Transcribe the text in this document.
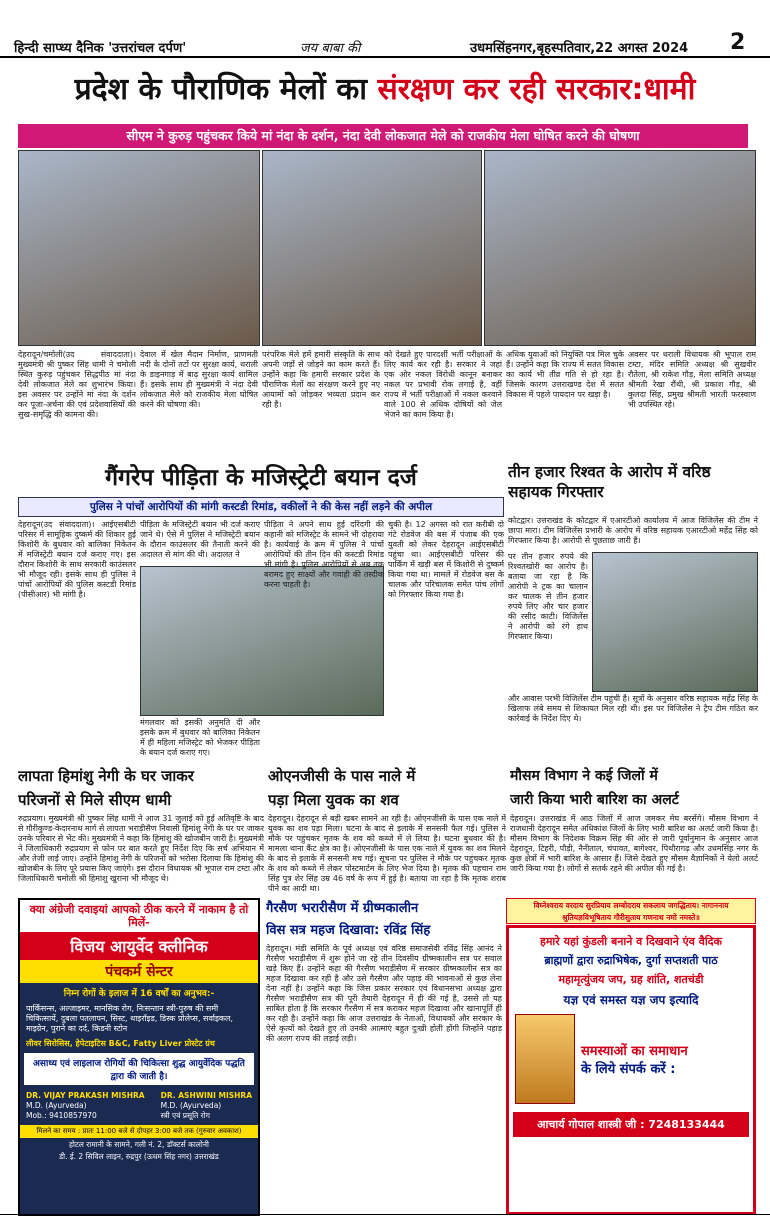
हिन्दी साप्ध्य दैनिक 'उत्तरांचल दर्पण'	जय बाबा की	उधमसिंहनगर,बृहस्पतिवार,22 अगस्त 2024 2
प्रदेश के पौराणिक मेलों का संरक्षण कर रही सरकार:धामी
सीएम ने कुरुड़ पहुंचकर किये मां नंदा के दर्शन, नंदा देवी लोकजात मेले को राजकीय मेला घोषित करने की घोषणा
देहरादून/चमोली(उद संवाददाता)। मुख्यमंत्री श्री पुष्कर सिंह धामी ने चमोली स्थित कुरुड़ पहुंचकर सिद्धपीठ मां नंदा देवी लोकजात मेले का शुभारंभ किया। इस अवसर पर उन्होंने मां नंदा के दर्शन कर पूजा-अर्चना की एवं प्रदेशवासियों की सुख-समृद्धि की कामना की।
देवाल में खेल मैदान निर्माण, प्राणमती नदी के दोनों तटों पर सुरक्षा कार्य, थराली के डाइनगाड़ में बाढ़ सुरक्षा कार्य शामिल हैं। इसके साथ ही मुख्यमंत्री ने नंदा देवी लोकजात मेले को राजकीय मेला घोषित करने की घोषणा की।
परंपरिक मेले हमें हमारी संस्कृति के साथ अपनी जड़ों से जोड़ने का काम करते हैं। उन्होंने कहा कि हमारी सरकार प्रदेश के पौराणिक मेलों का संरक्षण करने हुए नए आयामों को जोड़कर भव्यता प्रदान कर रही है।
को देखते हुए पारदर्शी भर्ती परीक्षाओं के लिए कार्य कर रही है। सरकार ने जहां एक ओर नकल विरोधी कानून बनाकर नकल पर प्रभावी रोक लगाई है, वहीं राज्य में भर्ती परीक्षाओं में नकल करवाने वाले 100 से अधिक दोषियों को जेल भेजने का काम किया है।
अधिक युवाओं को नियुक्ति पत्र मिल चुके हैं। उन्होंने कहा कि राज्य में सतत विकास का कार्य भी तीव्र गति से हो रहा है। जिसके कारण उत्तराखण्ड देश में सतत विकास में पहले पायदान पर खड़ा है।
अवसर पर थराली विधायक श्री भूपाल राम टम्टा, मंदिर समिति अध्यक्ष श्री सुखवीर रौतेला, श्री राकेश गौड़, मेला समिति अध्यक्ष श्रीमती रेखा रौंथी, श्री प्रकाश गौड़, श्री कुलदा सिंह, प्रमुख श्रीमती भारती फरस्वाण भी उपस्थित रहे।
गैंगरेप पीड़िता के मजिस्ट्रेटी बयान दर्ज
पुलिस ने पांचों आरोपियों की मांगी कस्टडी रिमांड, वकीलों ने की केस नहीं लड़ने की अपील
देहरादून(उद संवाददाता)। आईएसबीटी परिसर में सामूहिक दुष्कर्म की शिकार हुई किशोरी के बुधवार को बालिका निकेतन में मजिस्ट्रेटी बयान दर्ज कराए गए। इस दौरान किशोरी के साथ सरकारी काउंसलर भी मौजूद रही। इसके साथ ही पुलिस ने पांचों आरोपियों की पुलिस कस्टडी रिमांड (पीसीआर) भी मांगी है।
पीड़िता के मजिस्ट्रेटी बयान भी दर्ज कराए जाने थे। ऐसे में पुलिस ने मजिस्ट्रेटी बयान के दौरान काउंसलर की तैनाती करने की अदालत से मांग की थी। अदालत ने
मंगलवार को इसकी अनुमति दी और इसके क्रम में बुधवार को बालिका निकेतन में ही महिला मजिस्ट्रेट को भेजकर पीड़िता के बयान दर्ज कराए गए।
पीड़िता ने अपने साथ हुई दरिंदगी की कहानी को मजिस्ट्रेट के सामने भी दोहराया है। कार्यवाई के क्रम में पुलिस ने पांचों आरोपियों की तीन दिन की कस्टडी रिमांड भी मांगी है। पुलिस आरोपियों से अब तक बरामद हुए साक्ष्यों और गवाही की तस्दीक करना चाहती है।
चुकी है। 12 अगस्त को रात करीबी दो गंटे रोडवेज की बस में पंजाब की एक युवती को लेकर देहरादून आईएसबीटी पहुंचा था। आईएसबीटी परिसर की पार्किंग में खड़ी बस में किशोरी से दुष्कर्म किया गया था। मामले में रोडवेज बस के चालक और परिचालक समेत पांच लोगों को गिरफ्तार किया गया है।
तीन हजार रिश्वत के आरोप में वरिष्ठ सहायक गिरफ्तार
कोटद्वार। उत्तराखंड के कोटद्वार में एआरटीओ कार्यालय में आज विजिलेंस की टीम ने छापा मारा। टीम विजिलेंस प्रभारी के आरोप में वरिष्ठ सहायक एआरटीओ महेंद्र सिंह को गिरफ्तार किया है। आरोपी से पूछताछ जारी है।
पर तीन हजार रुपये की रिश्वतखोरी का आरोप है। बताया जा रहा है कि आरोपी ने ट्रक का चालान कर चालक से तीन हजार रुपये लिए और चार हजार की रसीद काटी। विजिलेंस ने आरोपी को रंगे हाथ गिरफ्तार किया।
और आवास परभी विजिलेंस टीम पहुंची है। सूत्रों के अनुसार वरिष्ठ सहायक महेंद्र सिंह के खिलाफ लंबे समय से शिकायत मिल रही थी। इस पर विजिलेंस ने ट्रैप टीम गठित कर कार्रवाई के निर्देश दिए थे।
लापता हिमांशु नेगी के घर जाकर
परिजनों से मिले सीएम धामी
रुद्रप्रयाग। मुख्यमंत्री श्री पुष्कर सिंह धामी ने आज 31 जुलाई को हुई अतिवृष्टि के बाद से गौरीकुण्ड-केदारनाथ मार्ग से लापता भराड़ीसैण निवासी हिमांशु नेगी के घर पर जाकर उनके परिवार से भेंट की। मुख्यमंत्री ने कहा कि हिमांशु की खोजबीन जारी है। मुख्यमंत्री ने जिलाधिकारी रुद्रप्रयाग से फोन पर बात करते हुए निर्देश दिए कि सर्च अभियान में और तेजी लाई जाए। उन्होंने हिमांशु नेगी के परिजनों को भरोसा दिलाया कि हिमांशु की खोजबीन के लिए पूरे प्रयास किए जाएंगे। इस दौरान विधायक श्री भूपाल राम टम्टा और जिलाधिकारी चमोली श्री हिमांशु खुराना भी मौजूद थे।
ओएनजीसी के पास नाले में
पड़ा मिला युवक का शव
देहरादून। देहरादून से बड़ी खबर सामने आ रही है। ओएनजीसी के पास एक नाले में युवक का शव पड़ा मिला। घटना के बाद से इलाके में सनसनी फैल गई। पुलिस ने मौके पर पहुंचकर मृतक के शव को कब्जे में ले लिया है। घटना बुधवार की है। मामला थाना कैंट क्षेत्र का है। ओएनजीसी के पास एक नाले में युवक का शव मिलने के बाद से इलाके में सनसनी मच गई। सूचना पर पुलिस ने मौके पर पहुंचकर मृतक के शव को कब्जे में लेकर पोस्टमार्टम के लिए भेज दिया है। मृतक की पहचान राम सिंह पुत्र शेर सिंह उम्र 46 वर्ष के रूप में हुई है। बताया जा रहा है कि मृतक शराब पीने का आदी था।
मौसम विभाग ने कई जिलों में
जारी किया भारी बारिश का अलर्ट
देहरादून। उत्तराखंड में आठ जिलों में आज जमकर मेघ बरसेंगे। मौसम विभाग ने राजधानी देहरादून समेत अधिकांश जिलों के लिए भारी बारिश का अलर्ट जारी किया है। मौसम विभाग के निदेशक विक्रम सिंह की ओर से जारी पूर्वानुमान के अनुसार आज देहरादून, टिहरी, पौड़ी, नैनीताल, चंपावत, बागेश्वर, पिथौरागढ़ और उधमसिंह नगर के कुछ क्षेत्रों में भारी बारिश के आसार हैं। जिसे देखते हुए मौसम वैज्ञानिकों ने येलो अलर्ट जारी किया गया है। लोगों से सतर्क रहने की अपील की गई है।
गैरसैण भरारीसैण में ग्रीष्मकालीन
विस सत्र महज दिखावा: रविंद्र सिंह
देहरादून। मंडी समिति के पूर्व अध्यक्ष एवं वरिष्ठ समाजसेवी रविंद्र सिंह आनंद ने गैरसैण भराड़ीसैण में शुरू होने जा रहे तीन दिवसीय ग्रीष्मकालीन सत्र पर सवाल खड़े किए हैं। उन्होंने कहा की गैरसैण भराड़ीसैण में सरकार ग्रीष्मकालीन सत्र का महज दिखावा कर रही है और उसे गैरसैण और पहाड़ की भावनाओं से कुछ लेना देना नहीं है। उन्होंने कहा कि जिस प्रकार सरकार एवं विधानसभा अध्यक्ष द्वारा गैरसैण भराड़ीसैण सत्र की पूरी तैयारी देहरादून में ही की गई है, उससे तो यह साबित होता है कि सरकार गैरसैण में सत्र कराकर महज दिखावा और खानापूर्ति ही कर रही है। उन्होंने कहा कि आज उत्तराखंड के नेताओं, विधायकों और सरकार के ऐसे कृत्यों को देखते हुए तो उनकी आत्माएं बहुत दुःखी होती होंगी जिन्होंने पहाड़ की अलग राज्य की लड़ाई लड़ी।
क्या अंग्रेजी दवाइयां आपको ठीक करने में नाकाम है तो मिलें-
विजय आयुर्वेद क्लीनिक
पंचकर्म सेन्टर
निम्न रोगों के इलाज में 16 वर्षों का अनुभव:-
पार्किंसन्स, अल्जाइमर, मानसिक रोग, निःसन्तान स्त्री-पुरुष की समी चिकित्सायें, दुबला पतलापन, सिस्ट, थाइरॉइड, डिस्क प्रोलेप्स, सर्वाइकल, माइग्रेन, पुराने का दर्द, किडनी स्टोन
लीवर सिरोसिस, हेपेटाइटिस B&C, Fatty Liver प्रोस्टेट ग्रंथ
असाध्य एवं लाइलाज रोगियों की चिकित्सा शुद्ध आयुर्वेदिक पद्धति द्वारा की जाती है।
DR. VIJAY PRAKASH MISHRA
M.D. (Ayurveda)
Mob.: 9410857970
DR. ASHWINI MISHRA
M.D. (Ayurveda)
स्त्री एवं प्रसूति रोग
मिलने का समय : प्रातः 11:00 बजे से दोपहर 3:00 बजे तक (गुरुवार अवकाश)
होटल रामानी के सामने, गली नं. 2, डॉक्टर्स कालोनी
डी. ई. 2 सिविल लाइन, रुद्रपुर (ऊधम सिंह नगर) उत्तराखंड
विघ्नेश्वराय वरदाय सुरप्रियाय लम्बोदराय सकलाय जगद्धिताय। नागाननाय श्रुतियज्ञविभूषिताय गौरीसुताय गणनाथ नमो नमस्ते॥
हमारे यहां कुंडली बनाने व दिखवाने एंव वैदिक
ब्राह्मणों द्वारा रुद्राभिषेक, दुर्गा सप्तशती पाठ
महामृत्युंजय जप, ग्रह शांति, शतचंडी
यज्ञ एवं समस्त यज्ञ जप इत्यादि
समस्याओं का समाधान
के लिये संपर्क करें :
आचार्य गोपाल शास्त्री जी : 7248133444
